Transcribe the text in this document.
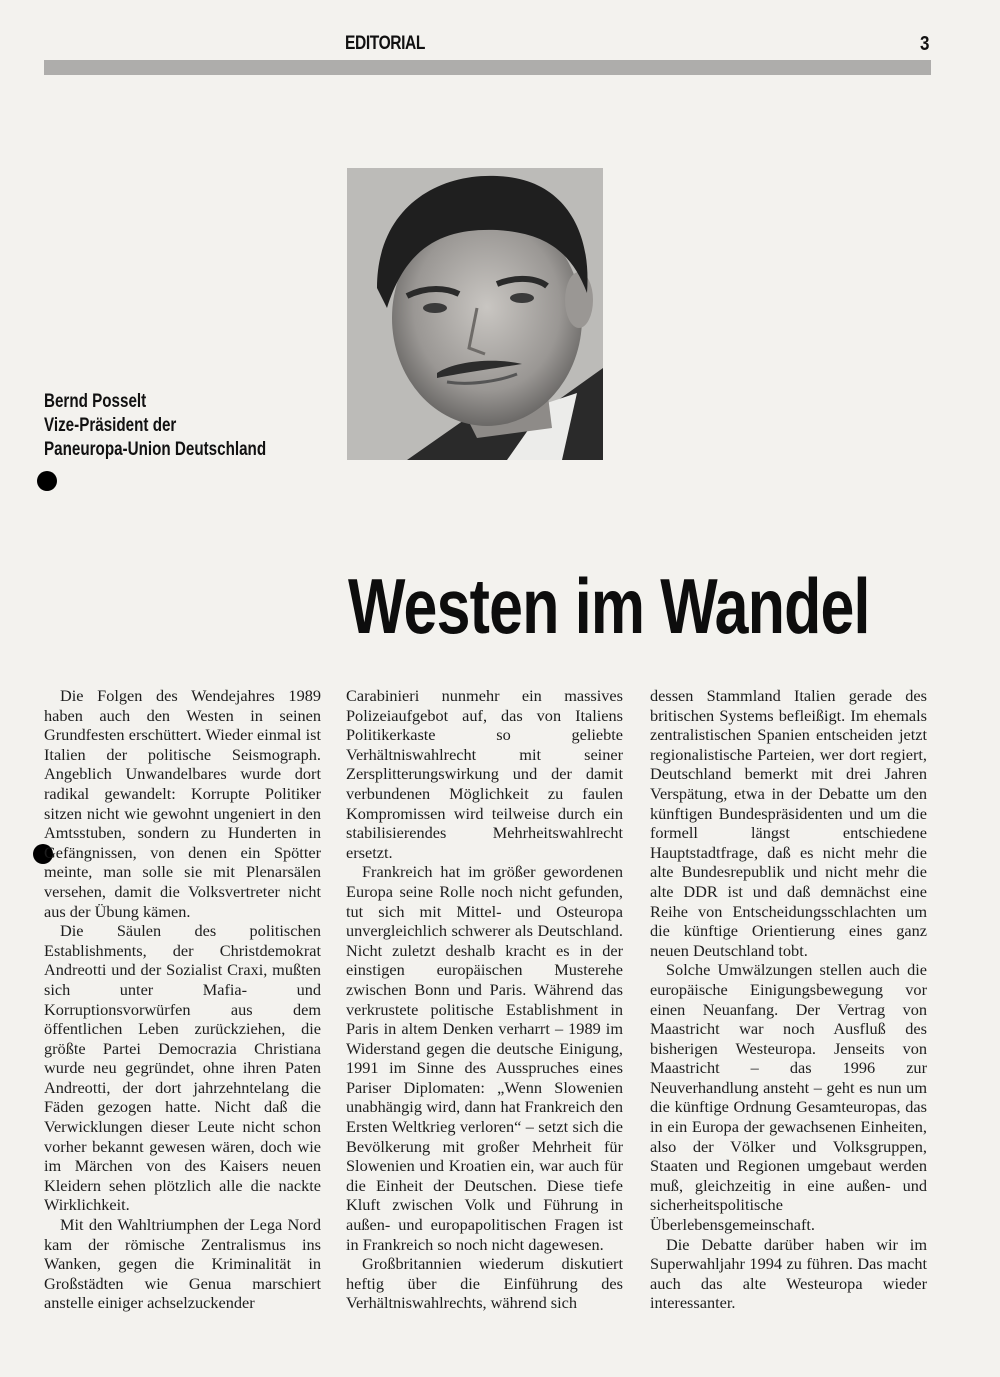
EDITORIAL	3
Bernd Posselt
Vize-Präsident der
Paneuropa-Union Deutschland
Westen im Wandel

Die Folgen des Wendejahres 1989 haben auch den Westen in seinen Grundfesten erschüttert. Wieder einmal ist Italien der politische Seismograph. Angeblich Unwandelbares wurde dort radikal gewandelt: Korrupte Politiker sitzen nicht wie gewohnt ungeniert in den Amtsstuben, sondern zu Hunderten in Gefängnissen, von denen ein Spötter meinte, man solle sie mit Plenarsälen versehen, damit die Volksvertreter nicht aus der Übung kämen.

Die Säulen des politischen Establishments, der Christdemokrat Andreotti und der Sozialist Craxi, mußten sich unter Mafia- und Korruptionsvorwürfen aus dem öffentlichen Leben zurückziehen, die größte Partei Democrazia Christiana wurde neu gegründet, ohne ihren Paten Andreotti, der dort jahrzehntelang die Fäden gezogen hatte. Nicht daß die Verwicklungen dieser Leute nicht schon vorher bekannt gewesen wären, doch wie im Märchen von des Kaisers neuen Kleidern sehen plötzlich alle die nackte Wirklichkeit.

Mit den Wahltriumphen der Lega Nord kam der römische Zentralismus ins Wanken, gegen die Kriminalität in Großstädten wie Genua marschiert anstelle einiger achselzuckender

Carabinieri nunmehr ein massives Polizeiaufgebot auf, das von Italiens Politikerkaste so geliebte Verhältniswahlrecht mit seiner Zersplitterungswirkung und der damit verbundenen Möglichkeit zu faulen Kompromissen wird teilweise durch ein stabilisierendes Mehrheitswahlrecht ersetzt.

Frankreich hat im größer gewordenen Europa seine Rolle noch nicht gefunden, tut sich mit Mittel- und Osteuropa unvergleichlich schwerer als Deutschland. Nicht zuletzt deshalb kracht es in der einstigen europäischen Musterehe zwischen Bonn und Paris. Während das verkrustete politische Establishment in Paris in altem Denken verharrt – 1989 im Widerstand gegen die deutsche Einigung, 1991 im Sinne des Ausspruches eines Pariser Diplomaten: „Wenn Slowenien unabhängig wird, dann hat Frankreich den Ersten Weltkrieg verloren“ – setzt sich die Bevölkerung mit großer Mehrheit für Slowenien und Kroatien ein, war auch für die Einheit der Deutschen. Diese tiefe Kluft zwischen Volk und Führung in außen- und europapolitischen Fragen ist in Frankreich so noch nicht dagewesen.

Großbritannien wiederum diskutiert heftig über die Einführung des Verhältniswahlrechts, während sich

dessen Stammland Italien gerade des britischen Systems befleißigt. Im ehemals zentralistischen Spanien entscheiden jetzt regionalistische Parteien, wer dort regiert, Deutschland bemerkt mit drei Jahren Verspätung, etwa in der Debatte um den künftigen Bundespräsidenten und um die formell längst entschiedene Hauptstadtfrage, daß es nicht mehr die alte Bundesrepublik und nicht mehr die alte DDR ist und daß demnächst eine Reihe von Entscheidungsschlachten um die künftige Orientierung eines ganz neuen Deutschland tobt.

Solche Umwälzungen stellen auch die europäische Einigungsbewegung vor einen Neuanfang. Der Vertrag von Maastricht war noch Ausfluß des bisherigen Westeuropa. Jenseits von Maastricht – das 1996 zur Neuverhandlung ansteht – geht es nun um die künftige Ordnung Gesamteuropas, das in ein Europa der gewachsenen Einheiten, also der Völker und Volksgruppen, Staaten und Regionen umgebaut werden muß, gleichzeitig in eine außen- und sicherheitspolitische Überlebensgemeinschaft.

Die Debatte darüber haben wir im Superwahljahr 1994 zu führen. Das macht auch das alte Westeuropa wieder interessanter.
